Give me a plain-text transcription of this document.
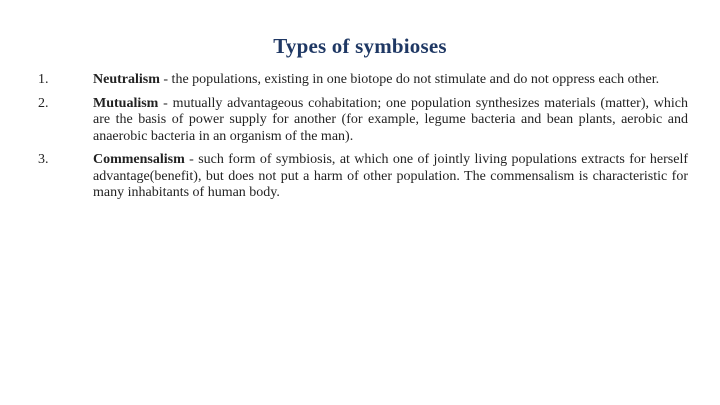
Types of symbioses
1.	Neutralism - the populations, existing in one biotope do not stimulate and do not oppress each other.
2.	Mutualism - mutually advantageous cohabitation; one population synthesizes materials (matter), which are the basis of power supply for another (for example, legume bacteria and bean plants, aerobic and anaerobic bacteria in an organism of the man).
3.	Commensalism - such form of symbiosis, at which one of jointly living populations extracts for herself advantage(benefit), but does not put a harm of other population. The commensalism is characteristic for many inhabitants of human body.
